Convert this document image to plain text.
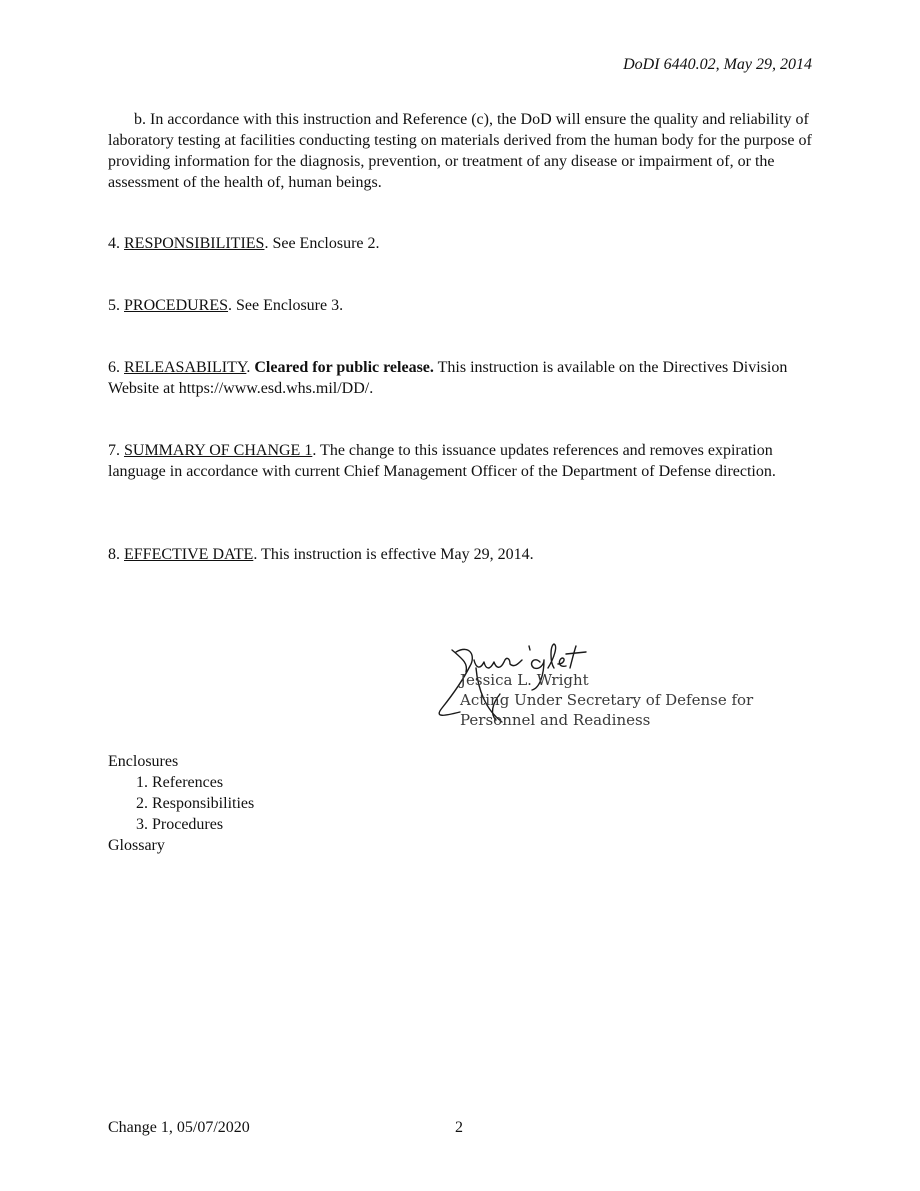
DoDI 6440.02, May 29, 2014
b. In accordance with this instruction and Reference (c), the DoD will ensure the quality and reliability of laboratory testing at facilities conducting testing on materials derived from the human body for the purpose of providing information for the diagnosis, prevention, or treatment of any disease or impairment of, or the assessment of the health of, human beings.
4. RESPONSIBILITIES. See Enclosure 2.
5. PROCEDURES. See Enclosure 3.
6. RELEASABILITY. Cleared for public release. This instruction is available on the Directives Division Website at https://www.esd.whs.mil/DD/.
7. SUMMARY OF CHANGE 1. The change to this issuance updates references and removes expiration language in accordance with current Chief Management Officer of the Department of Defense direction.
8. EFFECTIVE DATE. This instruction is effective May 29, 2014.
Jessica L. Wright
Acting Under Secretary of Defense for
Personnel and Readiness
Enclosures
1. References
2. Responsibilities
3. Procedures
Glossary
Change 1, 05/07/2020	2
